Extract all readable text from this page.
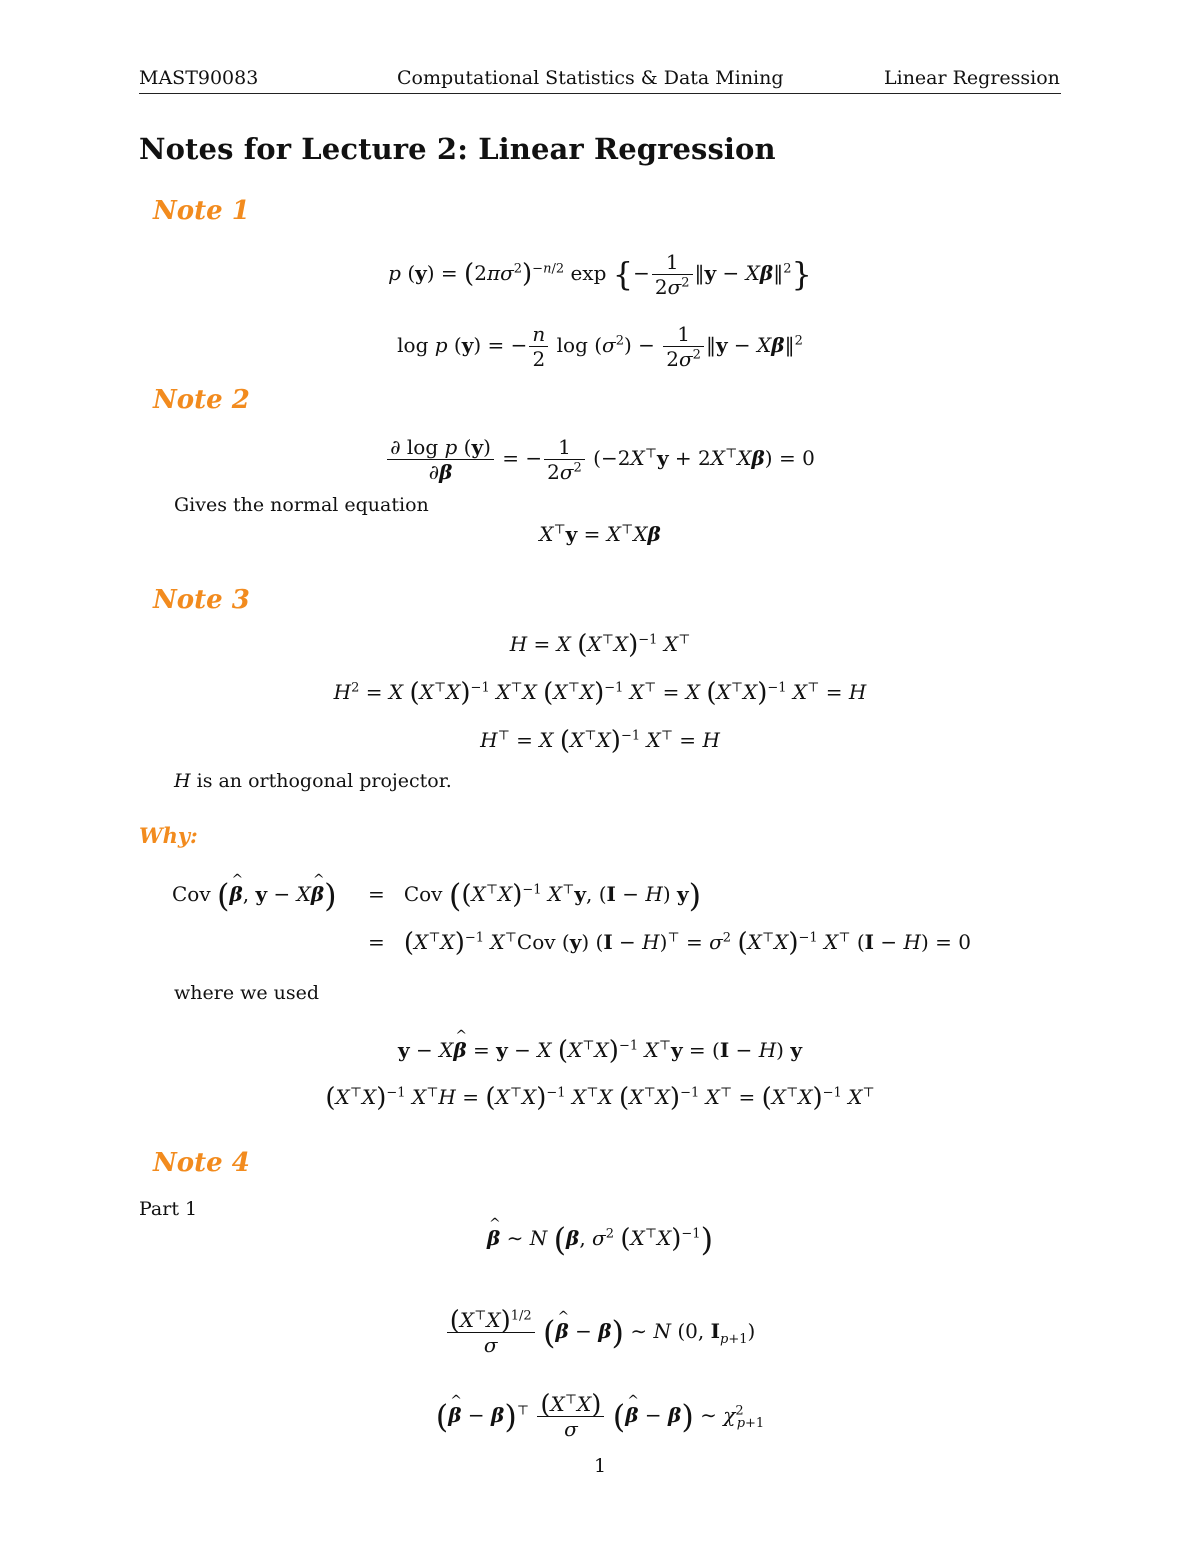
MAST90083	Computational Statistics & Data Mining	Linear Regression
Notes for Lecture 2: Linear Regression
Note 1
p $(y) = (2\pi\sigma^2)^{-n/2}$ exp {− $\frac{1}{2\sigma^2}$ ‖y − Xβ‖$^2$}
log p (y) = − $\frac{n}{2}$ $\log (\sigma^2) - \frac{1}{2\sigma^2}$ ‖y − Xβ‖$^2$
Note 2
$\frac{\text{∂ log p (y)}}{\partial\beta}$ = − $\frac{1}{2\sigma^2} (-2X^⊤y + 2X^⊤X\beta) = 0$
Gives the normal equation
X⊤y = X⊤Xβ
Note 3
H = X $(X^⊤X)^{-1}$ X⊤
$H^2 = X$ $(X^⊤X)^{-1}$ X⊤X $(X^⊤X)^{-1}$ X⊤ = X $(X^⊤X)^{-1}$ X⊤ = H
H⊤ = X $(X^⊤X)^{-1}$ X⊤ = H
H is an orthogonal projector.
Why:
Cov (^ β, y − X^ β) =   Cov ($(X^⊤X)^{-1}$ X⊤y, (I − H) y)
=   $(X^⊤X)^{-1}$ X⊤Cov (y) $(I - H)^⊤ = \sigma^2$ $(X^⊤X)^{-1}$ X⊤ (I − H) = 0
where we used
y − X^ β = y − X $(X^⊤X)^{-1}$ X⊤y = (I − H) y
$(X^⊤X)^{-1}$ $X^⊤H = (X^⊤X)^{-1}$ X⊤X $(X^⊤X)^{-1}$ $X^⊤ = (X^⊤X)^{-1}$ X⊤
Note 4
Part 1
^ β ∼ N (β, $\sigma^2$ $(X^⊤X)^{-1}$)
$\frac{(X^⊤X)^{1/2}}{\sigma}$ (^ β − β) ∼ N (0, $I_{p+1}$)
(^ $\beta - \beta)^⊤ \frac{(X^⊤X)}{\sigma}$ (^ β − β) ∼ $\chi^2_{p+1}$
1
